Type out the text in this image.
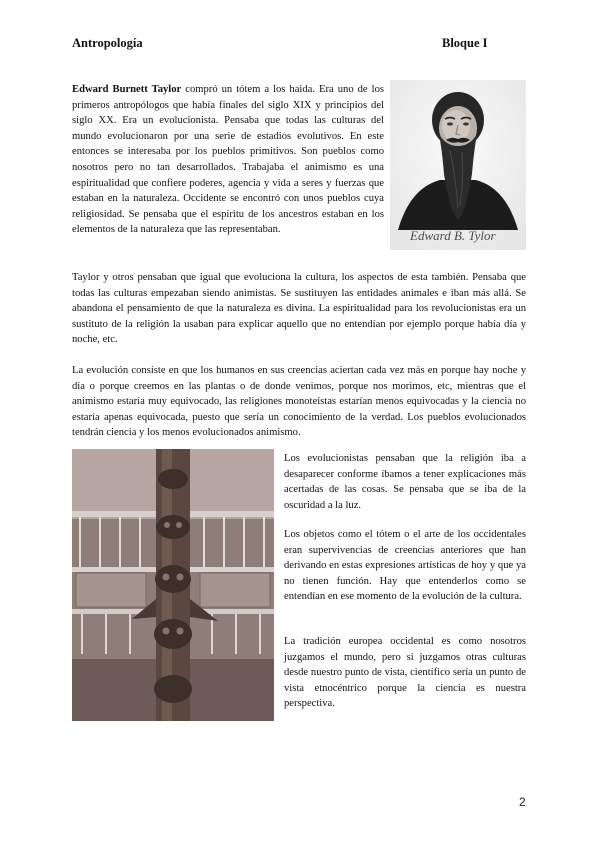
Antropología	Bloque I

Edward Burnett Taylor compró un tótem a los haida. Era uno de los primeros antropólogos que había finales del siglo XIX y principios del siglo XX. Era un evolucionista. Pensaba que todas las culturas del mundo evolucionaron por una serie de estadios evolutivos. En este entonces se interesaba por los pueblos primitivos. Son pueblos como nosotros pero no tan desarrollados. Trabajaba el animismo es una espiritualidad que confiere poderes, agencia y vida a seres y fuerzas que estaban en la naturaleza. Occidente se encontró con unos pueblos cuya religiosidad. Se pensaba que el espíritu de los ancestros estaban en los elementos de la naturaleza que las representaban.	Edward B. Tylor

Taylor y otros pensaban que igual que evoluciona la cultura, los aspectos de esta también. Pensaba que todas las culturas empezaban siendo animistas. Se sustituyen las entidades animales e iban más allá. Se abandona el pensamiento de que la naturaleza es divina. La espiritualidad para los revolucionistas era un sustituto de la religión la usaban para explicar aquello que no entendían por ejemplo porque había día y noche, etc.

La evolución consiste en que los humanos en sus creencias aciertan cada vez más en porque hay noche y día o porque creemos en las plantas o de donde venimos, porque nos morimos, etc, mientras que el animismo estaría muy equivocado, las religiones monoteístas estarían menos equivocadas y la ciencia no estaría apenas equivocada, puesto que sería un conocimiento de la verdad. Los pueblos evolucionados tendrán ciencia y los menos evolucionados animismo.

Los evolucionistas pensaban que la religión iba a desaparecer conforme íbamos a tener explicaciones más acertadas de las cosas. Se pensaba que se iba de la oscuridad a la luz.

Los objetos como el tótem o el arte de los occidentales eran supervivencias de creencias anteriores que han derivando en estas expresiones artísticas de hoy y que ya no tienen función. Hay que entenderlos como se entendían en ese momento de la evolución de la cultura.

La tradición europea occidental es como nosotros juzgamos el mundo, pero si juzgamos otras culturas desde nuestro punto de vista, científico sería un punto de vista etnocéntrico porque la ciencia es nuestra perspectiva.

2
